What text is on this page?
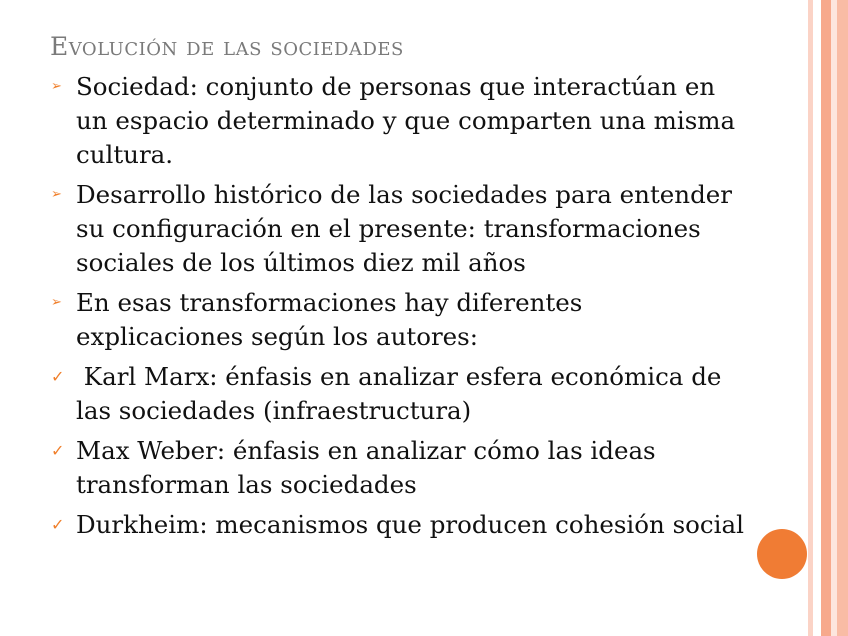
Evolución de las sociedades
➢ Sociedad: conjunto de personas que interactúan en un espacio determinado y que comparten una misma cultura.
➢ Desarrollo histórico de las sociedades para entender su configuración en el presente: transformaciones sociales de los últimos diez mil años
➢ En esas transformaciones hay diferentes explicaciones según los autores:
✓ Karl Marx: énfasis en analizar esfera económica de las sociedades (infraestructura)
✓ Max Weber: énfasis en analizar cómo las ideas transforman las sociedades
✓ Durkheim: mecanismos que producen cohesión social
